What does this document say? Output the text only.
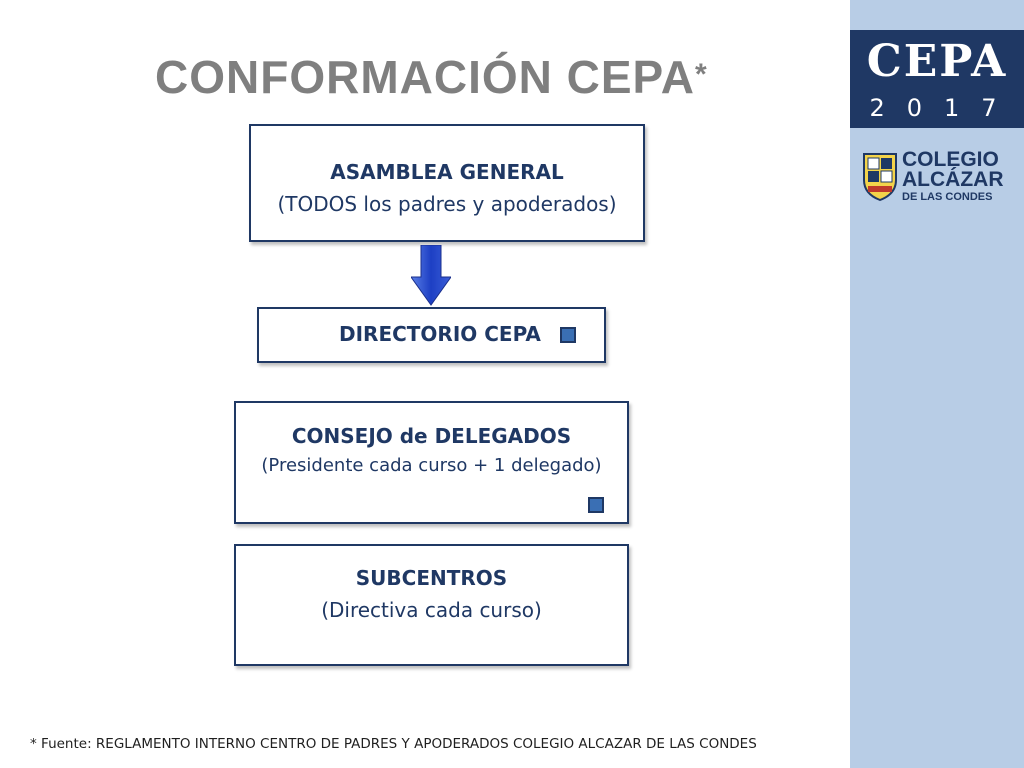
CONFORMACIÓN CEPA*
ASAMBLEA GENERAL
(TODOS los padres y apoderados)
DIRECTORIO CEPA
CONSEJO de DELEGADOS
(Presidente cada curso + 1 delegado)
SUBCENTROS
(Directiva cada curso)
* Fuente: REGLAMENTO INTERNO CENTRO DE PADRES Y APODERADOS COLEGIO ALCAZAR DE LAS CONDES
CEPA
2017
COLEGIO
ALCÁZAR
DE LAS CONDES
